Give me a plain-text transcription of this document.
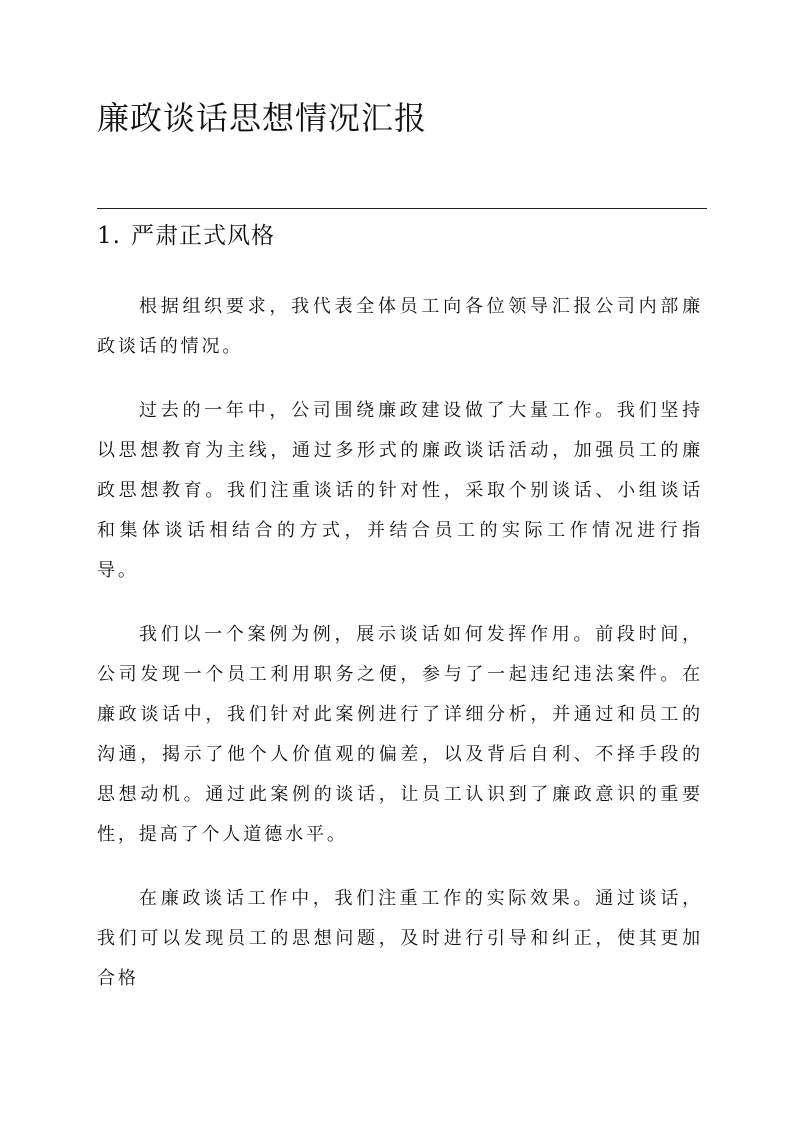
廉政谈话思想情况汇报
1. 严肃正式风格

根据组织要求，我代表全体员工向各位领导汇报公司内部廉政谈话的情况。

过去的一年中，公司围绕廉政建设做了大量工作。我们坚持以思想教育为主线，通过多形式的廉政谈话活动，加强员工的廉政思想教育。我们注重谈话的针对性，采取个别谈话、小组谈话和集体谈话相结合的方式，并结合员工的实际工作情况进行指导。

我们以一个案例为例，展示谈话如何发挥作用。前段时间，公司发现一个员工利用职务之便，参与了一起违纪违法案件。在廉政谈话中，我们针对此案例进行了详细分析，并通过和员工的沟通，揭示了他个人价值观的偏差，以及背后自利、不择手段的思想动机。通过此案例的谈话，让员工认识到了廉政意识的重要性，提高了个人道德水平。

在廉政谈话工作中，我们注重工作的实际效果。通过谈话，我们可以发现员工的思想问题，及时进行引导和纠正，使其更加合格
